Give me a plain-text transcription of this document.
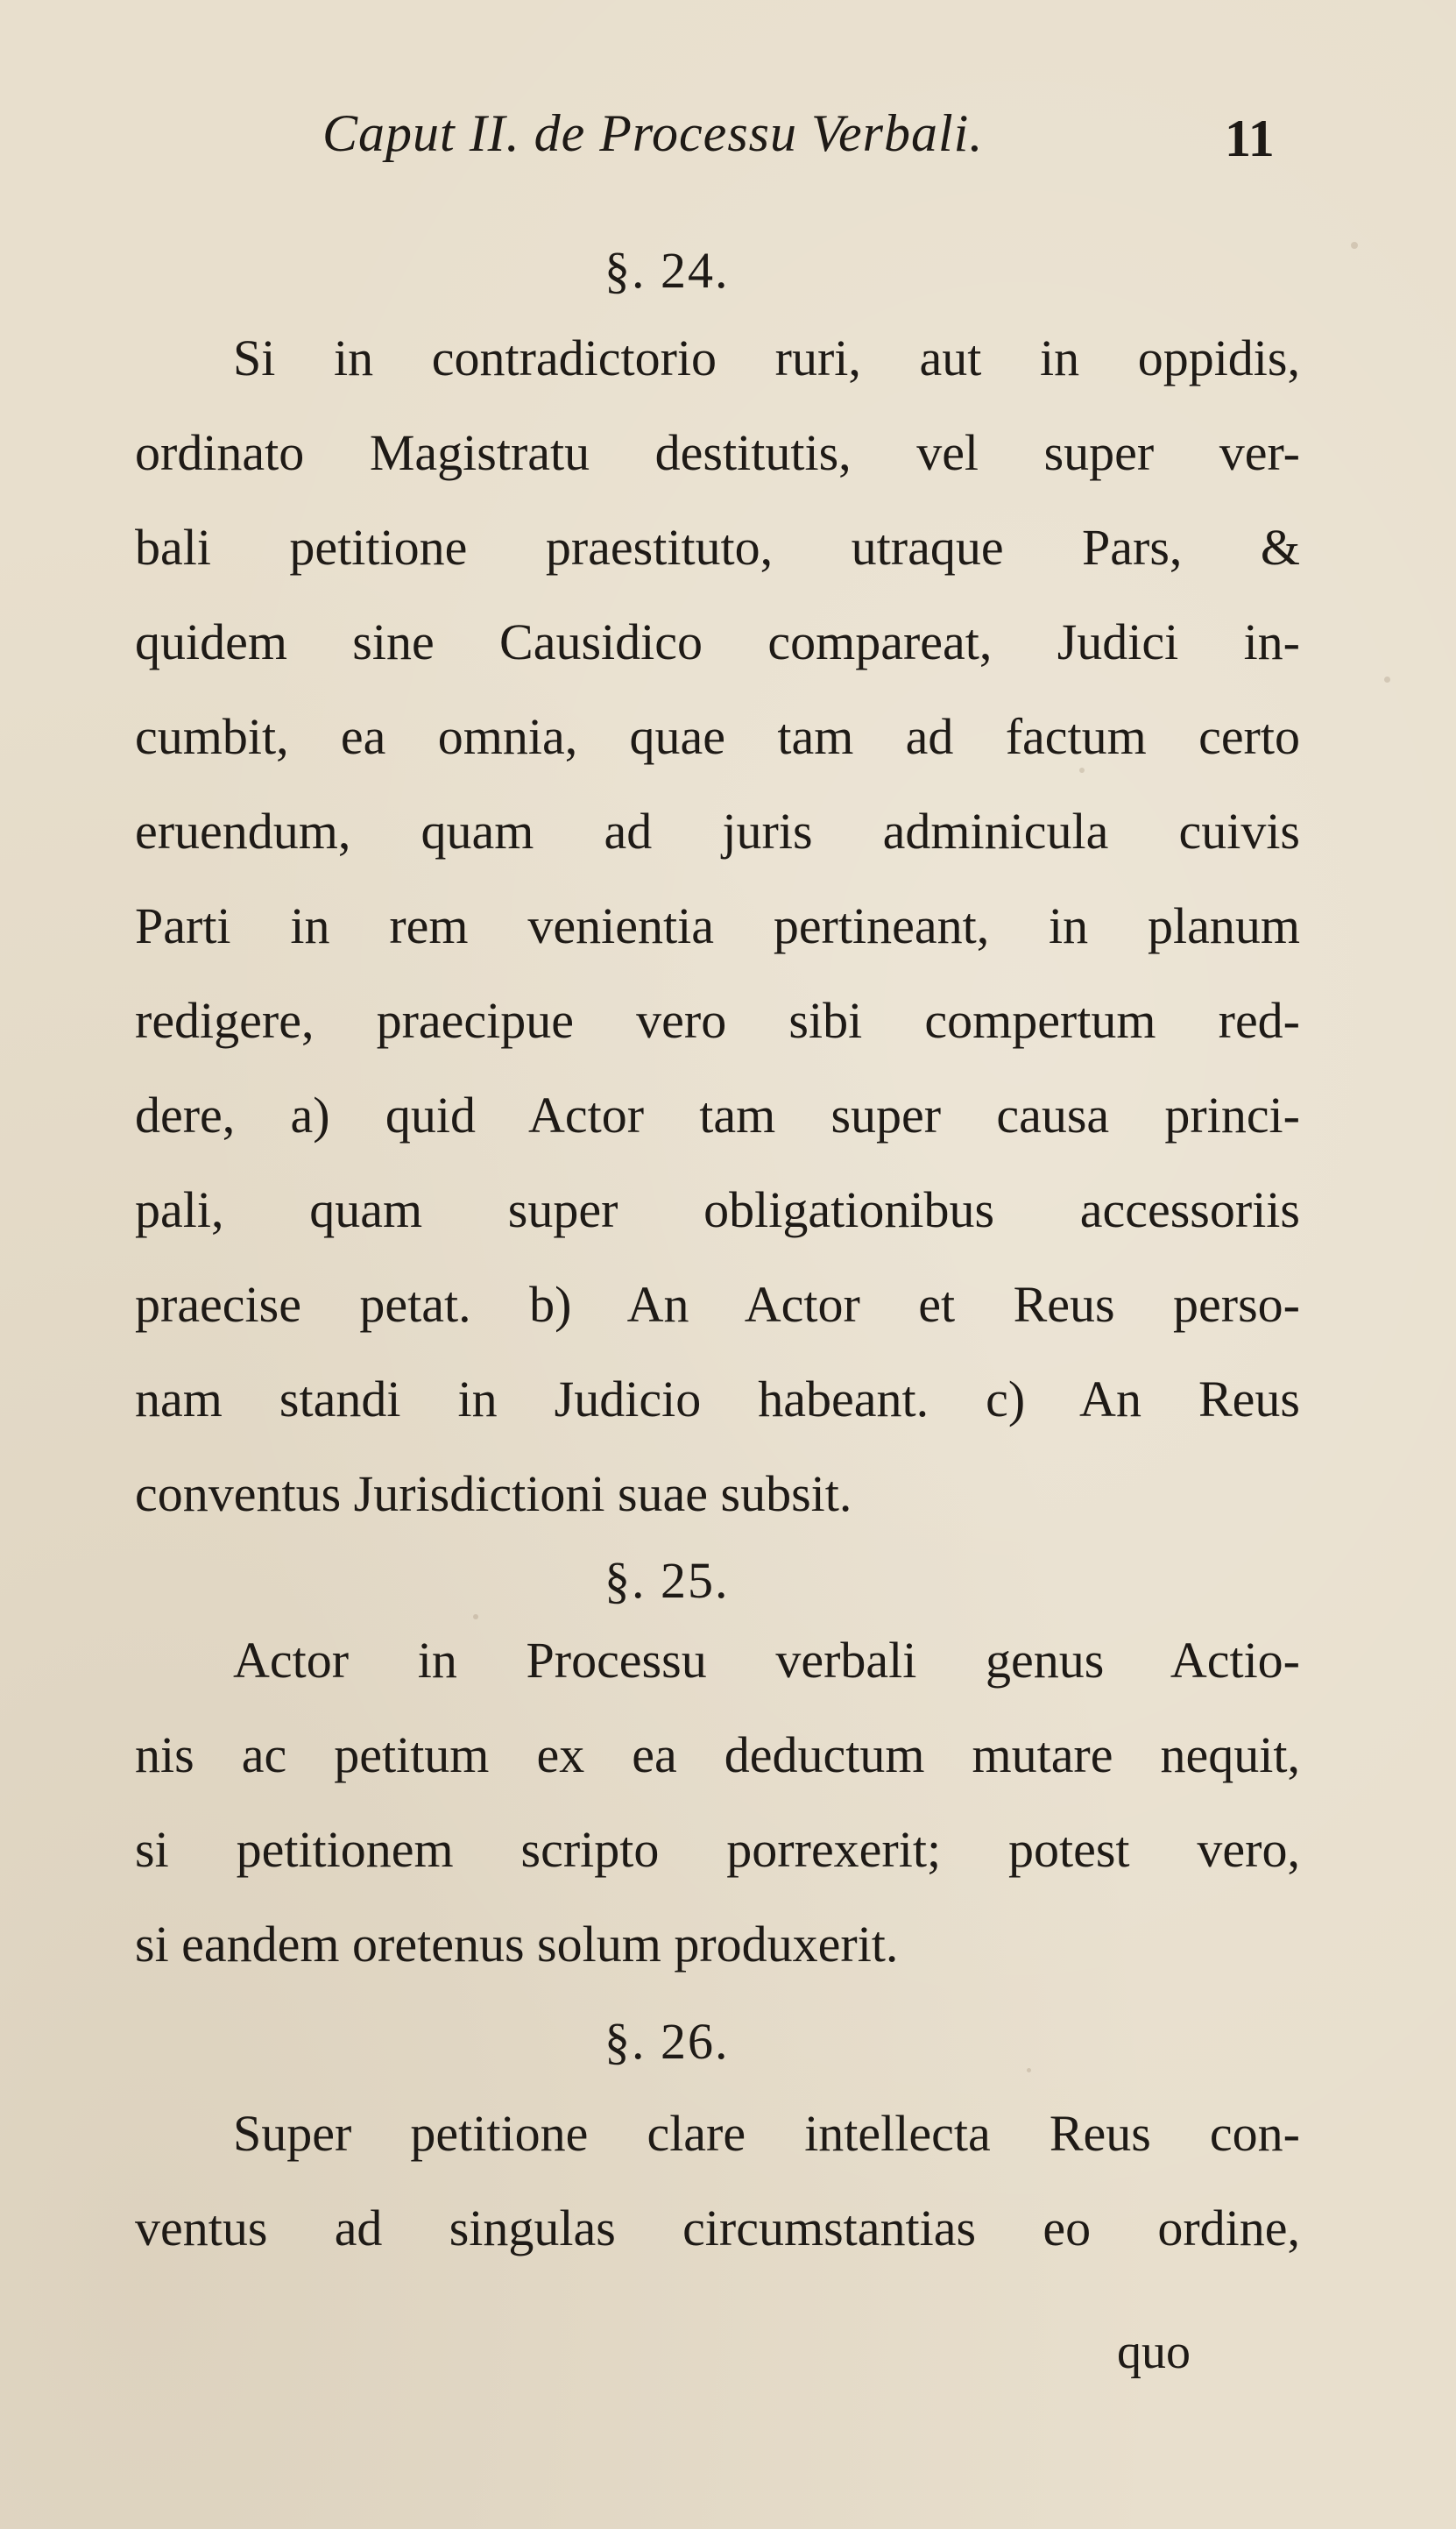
Caput II. de Processu Verbali.	11
§. 24.
Si in contradictorio ruri, aut in oppidis,
ordinato Magistratu destitutis, vel super ver-
bali petitione praestituto, utraque Pars, &
quidem sine Causidico compareat, Judici in-
cumbit, ea omnia, quae tam ad factum certo
eruendum, quam ad juris adminicula cuivis
Parti in rem venientia pertineant, in planum
redigere, praecipue vero sibi compertum red-
dere, a) quid Actor tam super causa princi-
pali, quam super obligationibus accessoriis
praecise petat. b) An Actor et Reus perso-
nam standi in Judicio habeant. c) An Reus
conventus Jurisdictioni suae subsit.
§. 25.
Actor in Processu verbali genus Actio-
nis ac petitum ex ea deductum mutare nequit,
si petitionem scripto porrexerit; potest vero,
si eandem oretenus solum produxerit.
§. 26.
Super petitione clare intellecta Reus con-
ventus ad singulas circumstantias eo ordine,
quo
